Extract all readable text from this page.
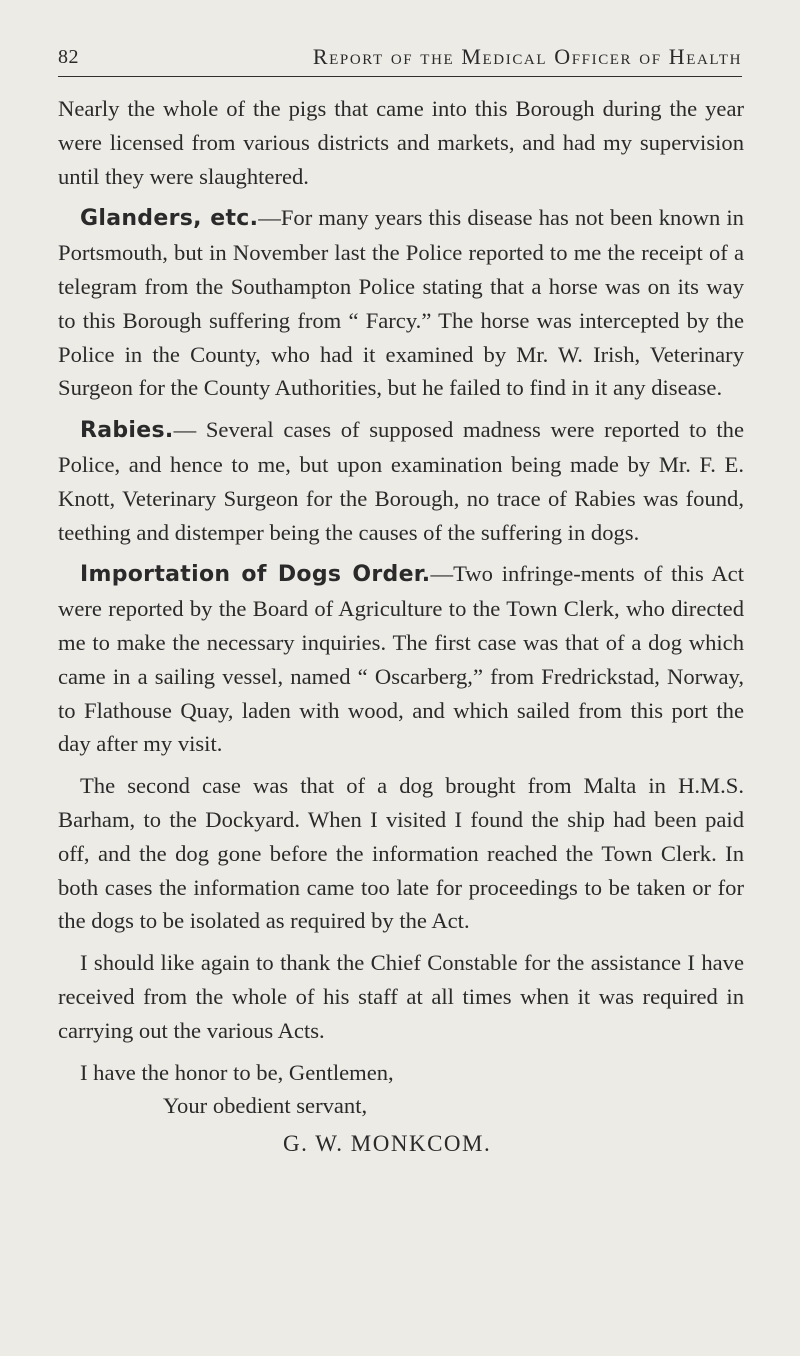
82	Report of the Medical Officer of Health

Nearly the whole of the pigs that came into this Borough during the year were licensed from various districts and markets, and had my supervision until they were slaughtered.

Glanders, etc.—For many years this disease has not been known in Portsmouth, but in November last the Police reported to me the receipt of a telegram from the Southampton Police stating that a horse was on its way to this Borough suffering from “ Farcy.” The horse was intercepted by the Police in the County, who had it examined by Mr. W. Irish, Veterinary Surgeon for the County Authorities, but he failed to find in it any disease.

Rabies.— Several cases of supposed madness were reported to the Police, and hence to me, but upon examination being made by Mr. F. E. Knott, Veterinary Surgeon for the Borough, no trace of Rabies was found, teething and distemper being the causes of the suffering in dogs.

Importation of Dogs Order.—Two infringe-ments of this Act were reported by the Board of Agriculture to the Town Clerk, who directed me to make the necessary inquiries. The first case was that of a dog which came in a sailing vessel, named “ Oscarberg,” from Fredrickstad, Norway, to Flathouse Quay, laden with wood, and which sailed from this port the day after my visit.

The second case was that of a dog brought from Malta in H.M.S. Barham, to the Dockyard. When I visited I found the ship had been paid off, and the dog gone before the information reached the Town Clerk. In both cases the information came too late for proceedings to be taken or for the dogs to be isolated as required by the Act.

I should like again to thank the Chief Constable for the assistance I have received from the whole of his staff at all times when it was required in carrying out the various Acts.

I have the honor to be, Gentlemen,

Your obedient servant,

G. W. MONKCOM.
